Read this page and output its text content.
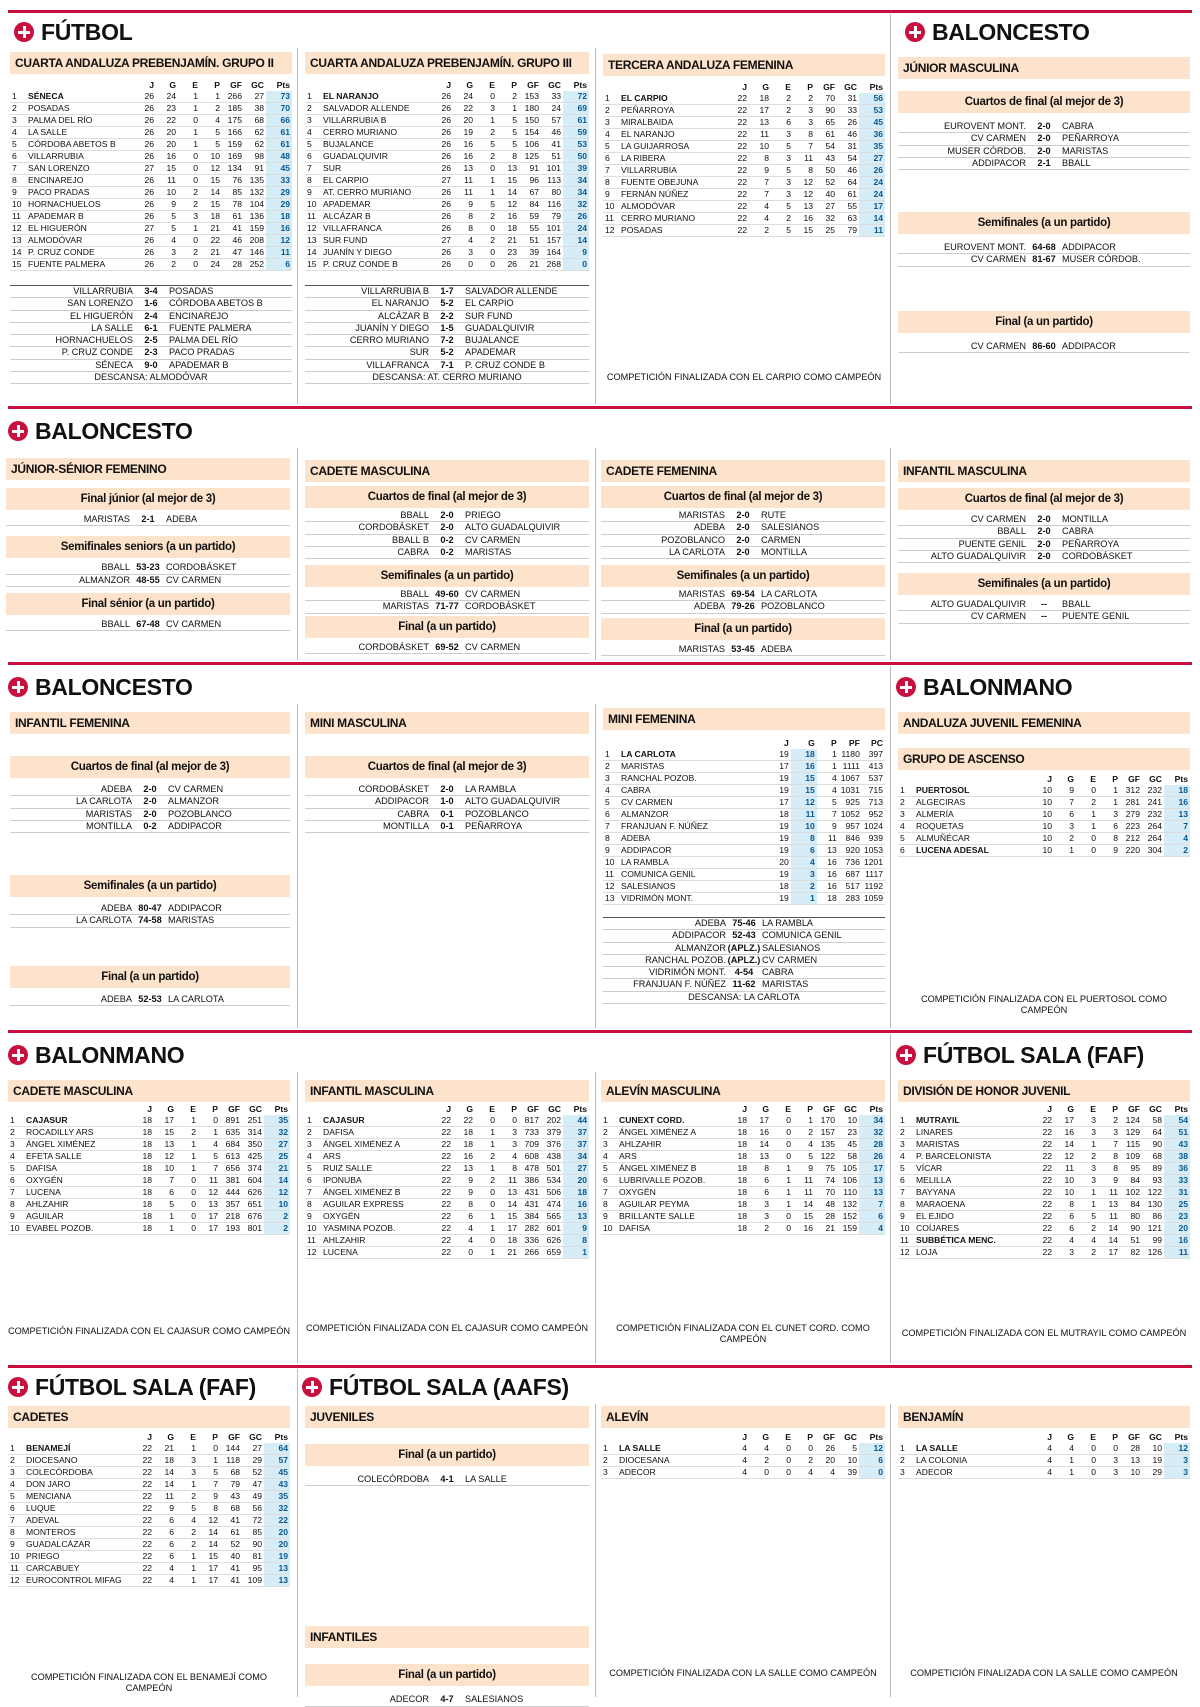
FÚTBOL	BALONCESTO
BALONCESTO
BALONCESTO	BALONMANO
BALONMANO	FÚTBOL SALA (FAF)
FÚTBOL SALA (FAF)	FÚTBOL SALA (AAFS)
CUARTA ANDALUZA PREBENJAMÍN. GRUPO II
		J	G	E	P	GF	GC	Pts
1	SÉNECA	26	24	1	1	266	27	73
2	POSADAS	26	23	1	2	185	38	70
3	PALMA DEL RÍO	26	22	0	4	175	68	66
4	LA SALLE	26	20	1	5	166	62	61
5	CÓRDOBA ABETOS B	26	20	1	5	159	62	61
6	VILLARRUBIA	26	16	0	10	169	98	48
7	SAN LORENZO	27	15	0	12	134	91	45
8	ENCINAREJO	26	11	0	15	76	135	33
9	PACO PRADAS	26	10	2	14	85	132	29
10	HORNACHUELOS	26	9	2	15	78	104	29
11	APADEMAR B	26	5	3	18	61	136	18
12	EL HIGUERÓN	27	5	1	21	41	159	16
13	ALMODÓVAR	26	4	0	22	46	208	12
14	P. CRUZ CONDE	26	3	2	21	47	146	11
15	FUENTE PALMERA	26	2	0	24	28	252	6
VILLARRUBIA	3-4	POSADAS
SAN LORENZO	1-6	CÓRDOBA ABETOS B
EL HIGUERÓN	2-4	ENCINAREJO
LA SALLE	6-1	FUENTE PALMERA
HORNACHUELOS	2-5	PALMA DEL RÍO
P. CRUZ CONDE	2-3	PACO PRADAS
SÉNECA	9-0	APADEMAR B
DESCANSA: ALMODÓVAR
CUARTA ANDALUZA PREBENJAMÍN. GRUPO III
		J	G	E	P	GF	GC	Pts
1	EL NARANJO	26	24	0	2	153	33	72
2	SALVADOR ALLENDE	26	22	3	1	180	24	69
3	VILLARRUBIA B	26	20	1	5	150	57	61
4	CERRO MURIANO	26	19	2	5	154	46	59
5	BUJALANCE	26	16	5	5	106	41	53
6	GUADALQUIVIR	26	16	2	8	125	51	50
7	SUR	26	13	0	13	91	101	39
8	EL CARPIO	27	11	1	15	96	113	34
9	AT. CERRO MURIANO	26	11	1	14	67	80	34
10	APADEMAR	26	9	5	12	84	116	32
11	ALCÁZAR B	26	8	2	16	59	79	26
12	VILLAFRANCA	26	8	0	18	55	101	24
13	SUR FUND	27	4	2	21	51	157	14
14	JUANÍN Y DIEGO	26	3	0	23	39	164	9
15	P. CRUZ CONDE B	26	0	0	26	21	268	0
VILLARRUBIA B	1-7	SALVADOR ALLENDE
EL NARANJO	5-2	EL CARPIO
ALCÁZAR B	2-2	SUR FUND
JUANÍN Y DIEGO	1-5	GUADALQUIVIR
CERRO MURIANO	7-2	BUJALANCE
SUR	5-2	APADEMAR
VILLAFRANCA	7-1	P. CRUZ CONDE B
DESCANSA: AT. CERRO MURIANO
TERCERA ANDALUZA FEMENINA
		J	G	E	P	GF	GC	Pts
1	EL CARPIO	22	18	2	2	70	31	56
2	PEÑARROYA	22	17	2	3	90	33	53
3	MIRALBAIDA	22	13	6	3	65	26	45
4	EL NARANJO	22	11	3	8	61	46	36
5	LA GUIJARROSA	22	10	5	7	54	31	35
6	LA RIBERA	22	8	3	11	43	54	27
7	VILLARRUBIA	22	9	5	8	50	46	26
8	FUENTE OBEJUNA	22	7	3	12	52	64	24
9	FERNÁN NÚÑEZ	22	7	3	12	40	61	24
10	ALMODÓVAR	22	4	5	13	27	55	17
11	CERRO MURIANO	22	4	2	16	32	63	14
12	POSADAS	22	2	5	15	25	79	11
COMPETICIÓN FINALIZADA CON EL CARPIO COMO CAMPEÓN
JÚNIOR MASCULINA
Cuartos de final (al mejor de 3)
EUROVENT MONT.	2-0	CABRA
CV CARMEN	2-0	PEÑARROYA
MUSER CÓRDOB.	2-0	MARISTAS
ADDIPACOR	2-1	BBALL
Semifinales (a un partido)
EUROVENT MONT. 64-68 ADDIPACOR
CV CARMEN 81-67 MUSER CÓRDOB.
Final (a un partido)
CV CARMEN 86-60 ADDIPACOR
JÚNIOR-SÉNIOR FEMENINO
Final júnior (al mejor de 3)
MARISTAS	2-1	ADEBA
Semifinales seniors (a un partido)
BBALL 53-23 CORDOBÁSKET
ALMANZOR 48-55 CV CARMEN
Final sénior (a un partido)
BBALL 67-48 CV CARMEN
CADETE MASCULINA
Cuartos de final (al mejor de 3)
BBALL	2-0	PRIEGO
CORDOBÁSKET	2-0	ALTO GUADALQUIVIR
BBALL B	0-2	CV CARMEN
CABRA	0-2	MARISTAS
Semifinales (a un partido)
BBALL 49-60 CV CARMEN
MARISTAS 71-77 CORDOBÁSKET
Final (a un partido)
CORDOBÁSKET 69-52 CV CARMEN
CADETE FEMENINA
Cuartos de final (al mejor de 3)
MARISTAS	2-0	RUTE
ADEBA	2-0	SALESIANOS
POZOBLANCO	2-0	CARMEN
LA CARLOTA	2-0	MONTILLA
Semifinales (a un partido)
MARISTAS 69-54 LA CARLOTA
ADEBA 79-26 POZOBLANCO
Final (a un partido)
MARISTAS 53-45 ADEBA
INFANTIL MASCULINA
Cuartos de final (al mejor de 3)
CV CARMEN	2-0	MONTILLA
BBALL	2-0	CABRA
PUENTE GENIL	2-0	PEÑARROYA
ALTO GUADALQUIVIR	2-0	CORDOBÁSKET
Semifinales (a un partido)
ALTO GUADALQUIVIR	--	BBALL
CV CARMEN	--	PUENTE GENIL
INFANTIL FEMENINA
Cuartos de final (al mejor de 3)
ADEBA	2-0	CV CARMEN
LA CARLOTA	2-0	ALMANZOR
MARISTAS	2-0	POZOBLANCO
MONTILLA	0-2	ADDIPACOR
Semifinales (a un partido)
ADEBA 80-47 ADDIPACOR
LA CARLOTA 74-58 MARISTAS
Final (a un partido)
ADEBA 52-53 LA CARLOTA
MINI MASCULINA
Cuartos de final (al mejor de 3)
CORDOBÁSKET	2-0	LA RAMBLA
ADDIPACOR	1-0	ALTO GUADALQUIVIR
CABRA	0-1	POZOBLANCO
MONTILLA	0-1	PEÑARROYA
MINI FEMENINA
		J	G	P	PF	PC
1	LA CARLOTA	19	18	1	1180	397
2	MARISTAS	17	16	1	1111	413
3	RANCHAL POZOB.	19	15	4	1067	537
4	CABRA	19	15	4	1031	715
5	CV CARMEN	17	12	5	925	713
6	ALMANZOR	18	11	7	1052	952
7	FRANJUAN F. NÚÑEZ	19	10	9	957	1024
8	ADEBA	19	8	11	846	939
9	ADDIPACOR	19	6	13	920	1053
10	LA RAMBLA	20	4	16	736	1201
11	COMUNICA GENIL	19	3	16	687	1117
12	SALESIANOS	18	2	16	517	1192
13	VIDRIMÓN MONT.	19	1	18	283	1059
ADEBA 75-46 LA RAMBLA
ADDIPACOR 52-43 COMUNICA GENIL
ALMANZOR (APLZ.) SALESIANOS
RANCHAL POZOB. (APLZ.) CV CARMEN
VIDRIMÓN MONT. 4-54 CABRA
FRANJUAN F. NÚÑEZ 11-62 MARISTAS
DESCANSA: LA CARLOTA
ANDALUZA JUVENIL FEMENINA
GRUPO DE ASCENSO
		J	G	E	P	GF	GC	Pts
1	PUERTOSOL	10	9	0	1	312	232	18
2	ALGECIRAS	10	7	2	1	281	241	16
3	ALMERÍA	10	6	1	3	279	232	13
4	ROQUETAS	10	3	1	6	223	264	7
5	ALMUÑÉCAR	10	2	0	8	212	264	4
6	LUCENA ADESAL	10	1	0	9	220	304	2
COMPETICIÓN FINALIZADA CON EL PUERTOSOL COMO CAMPEÓN
CADETE MASCULINA
		J	G	E	P	GF	GC	Pts
1	CAJASUR	18	17	1	0	891	251	35
2	ROCADILLY ARS	18	15	2	1	635	314	32
3	ÁNGEL XIMÉNEZ	18	13	1	4	684	350	27
4	EFETA SALLE	18	12	1	5	613	425	25
5	DAFISA	18	10	1	7	656	374	21
6	OXYGÉN	18	7	0	11	381	604	14
7	LUCENA	18	6	0	12	444	626	12
8	AHLZAHIR	18	5	0	13	357	651	10
9	AGUILAR	18	1	0	17	218	676	2
10	EVABEL POZOB.	18	1	0	17	193	801	2
COMPETICIÓN FINALIZADA CON EL CAJASUR COMO CAMPEÓN
INFANTIL MASCULINA
		J	G	E	P	GF	GC	Pts
1	CAJASUR	22	22	0	0	817	202	44
2	DAFISA	22	18	1	3	733	379	37
3	ÁNGEL XIMÉNEZ A	22	18	1	3	709	376	37
4	ARS	22	16	2	4	608	438	34
5	RUIZ SALLE	22	13	1	8	478	501	27
6	IPONUBA	22	9	2	11	386	534	20
7	ÁNGEL XIMÉNEZ B	22	9	0	13	431	506	18
8	AGUILAR EXPRESS	22	8	0	14	431	474	16
9	OXYGÉN	22	6	1	15	384	565	13
10	YASMINA POZOB.	22	4	1	17	282	601	9
11	AHLZAHIR	22	4	0	18	336	626	8
12	LUCENA	22	0	1	21	266	659	1
COMPETICIÓN FINALIZADA CON EL CAJASUR COMO CAMPEÓN
ALEVÍN MASCULINA
		J	G	E	P	GF	GC	Pts
1	CUNEXT CORD.	18	17	0	1	170	10	34
2	ÁNGEL XIMÉNEZ A	18	16	0	2	157	23	32
3	AHLZAHIR	18	14	0	4	135	45	28
4	ARS	18	13	0	5	122	58	26
5	ÁNGEL XIMÉNEZ B	18	8	1	9	75	105	17
6	LUBRIVALLE POZOB.	18	6	1	11	74	106	13
7	OXYGÉN	18	6	1	11	70	110	13
8	AGUILAR PEYMA	18	3	1	14	48	132	7
9	BRILLANTE SALLE	18	3	0	15	28	152	6
10	DAFISA	18	2	0	16	21	159	4
COMPETICIÓN FINALIZADA CON EL CUNET CORD. COMO CAMPEÓN
DIVISIÓN DE HONOR JUVENIL
		J	G	E	P	GF	GC	Pts
1	MUTRAYIL	22	17	3	2	124	58	54
2	LINARES	22	16	3	3	129	64	51
3	MARISTAS	22	14	1	7	115	90	43
4	P. BARCELONISTA	22	12	2	8	109	68	38
5	VÍCAR	22	11	3	8	95	89	36
6	MELILLA	22	10	3	9	84	93	33
7	BAYYANA	22	10	1	11	102	122	31
8	MARAOENA	22	8	1	13	84	130	25
9	EL EJIDO	22	6	5	11	80	86	23
10	COÍJARES	22	6	2	14	90	121	20
11	SUBBÉTICA MENC.	22	4	4	14	51	99	16
12	LOJA	22	3	2	17	82	126	11
COMPETICIÓN FINALIZADA CON EL MUTRAYIL COMO CAMPEÓN
CADETES
		J	G	E	P	GF	GC	Pts
1	BENAMEJÍ	22	21	1	0	144	27	64
2	DIOCESANO	22	18	3	1	118	29	57
3	COLECÓRDOBA	22	14	3	5	68	52	45
4	DON JARO	22	14	1	7	79	47	43
5	MENCIANA	22	11	2	9	43	49	35
6	LUQUE	22	9	5	8	68	56	32
7	ADEVAL	22	6	4	12	41	72	22
8	MONTEROS	22	6	2	14	61	85	20
9	GUADALCÁZAR	22	6	2	14	52	90	20
10	PRIEGO	22	6	1	15	40	81	19
11	CARCABUEY	22	4	1	17	41	95	13
12	EUROCONTROL MIFAG	22	4	1	17	41	109	13
COMPETICIÓN FINALIZADA CON EL BENAMEJÍ COMO CAMPEÓN
JUVENILES
Final (a un partido)
COLECÓRDOBA	4-1	LA SALLE
INFANTILES
Final (a un partido)
ADECOR	4-7	SALESIANOS
ALEVÍN
		J	G	E	P	GF	GC	Pts
1	LA SALLE	4	4	0	0	26	5	12
2	DIOCESANA	4	2	0	2	20	10	6
3	ADECOR	4	0	0	4	4	39	0
COMPETICIÓN FINALIZADA CON LA SALLE COMO CAMPEÓN
BENJAMÍN
		J	G	E	P	GF	GC	Pts
1	LA SALLE	4	4	0	0	28	10	12
2	LA COLONIA	4	1	0	3	13	19	3
3	ADECOR	4	1	0	3	10	29	3
COMPETICIÓN FINALIZADA CON LA SALLE COMO CAMPEÓN
